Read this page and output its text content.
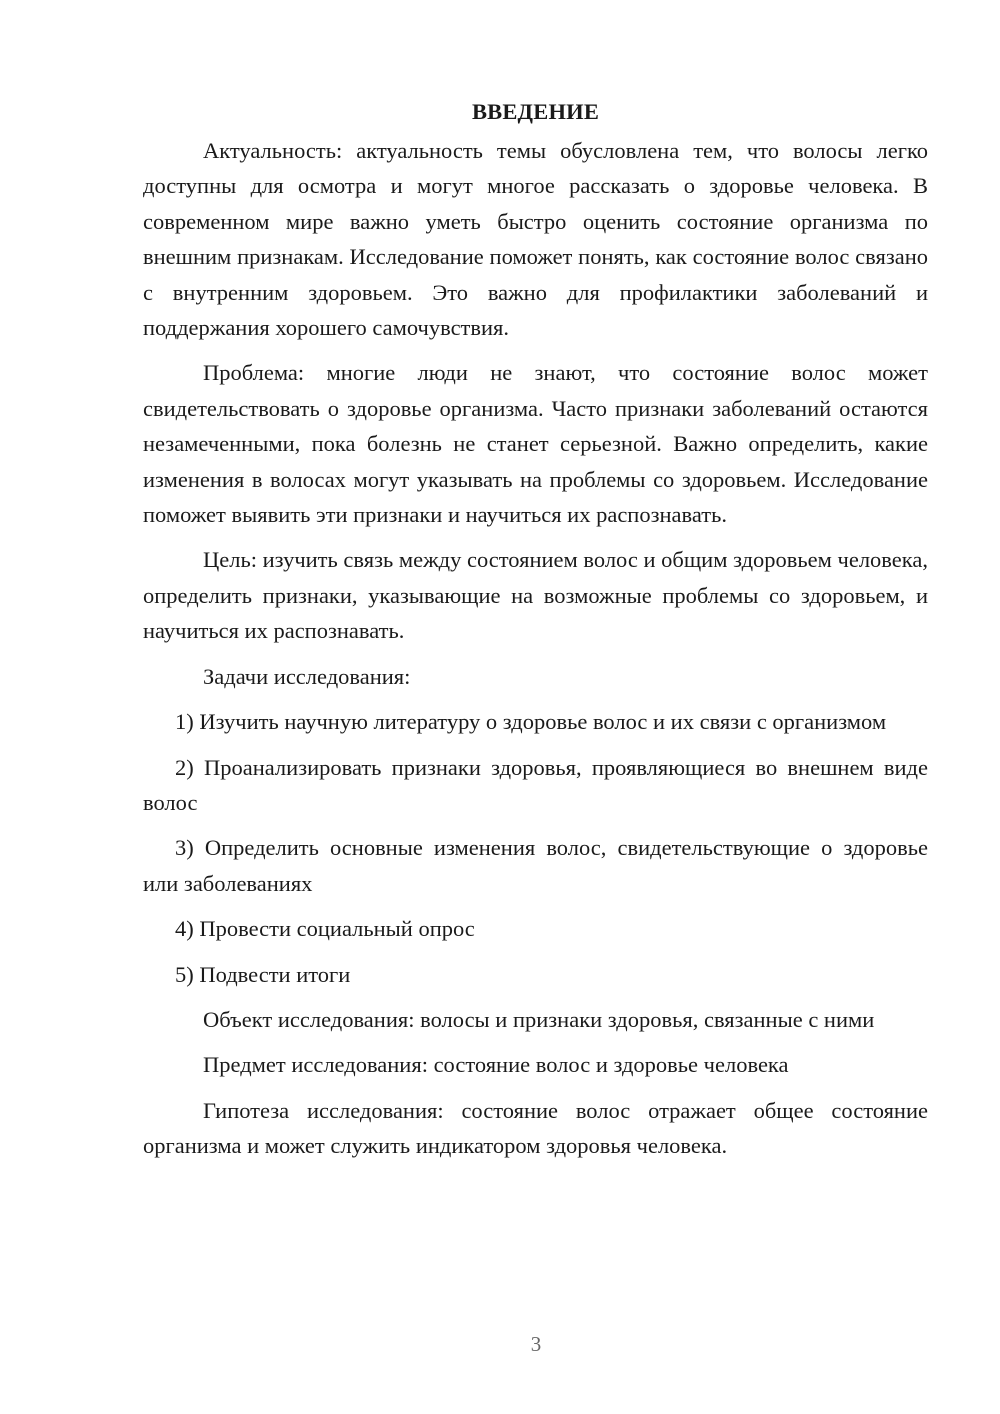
ВВЕДЕНИЕ

Актуальность: актуальность темы обусловлена тем, что волосы легко доступны для осмотра и могут многое рассказать о здоровье человека. В современном мире важно уметь быстро оценить состояние организма по внешним признакам. Исследование поможет понять, как состояние волос связано с внутренним здоровьем. Это важно для профилактики заболеваний и поддержания хорошего самочувствия.

Проблема: многие люди не знают, что состояние волос может свидетельствовать о здоровье организма. Часто признаки заболеваний остаются незамеченными, пока болезнь не станет серьезной. Важно определить, какие изменения в волосах могут указывать на проблемы со здоровьем. Исследование поможет выявить эти признаки и научиться их распознавать.

Цель: изучить связь между состоянием волос и общим здоровьем человека, определить признаки, указывающие на возможные проблемы со здоровьем, и научиться их распознавать.

Задачи исследования:

1) Изучить научную литературу о здоровье волос и их связи с организмом

2) Проанализировать признаки здоровья, проявляющиеся во внешнем виде волос

3) Определить основные изменения волос, свидетельствующие о здоровье или заболеваниях

4) Провести социальный опрос

5) Подвести итоги

Объект исследования: волосы и признаки здоровья, связанные с ними

Предмет исследования: состояние волос и здоровье человека

Гипотеза исследования: состояние волос отражает общее состояние организма и может служить индикатором здоровья человека.

3
